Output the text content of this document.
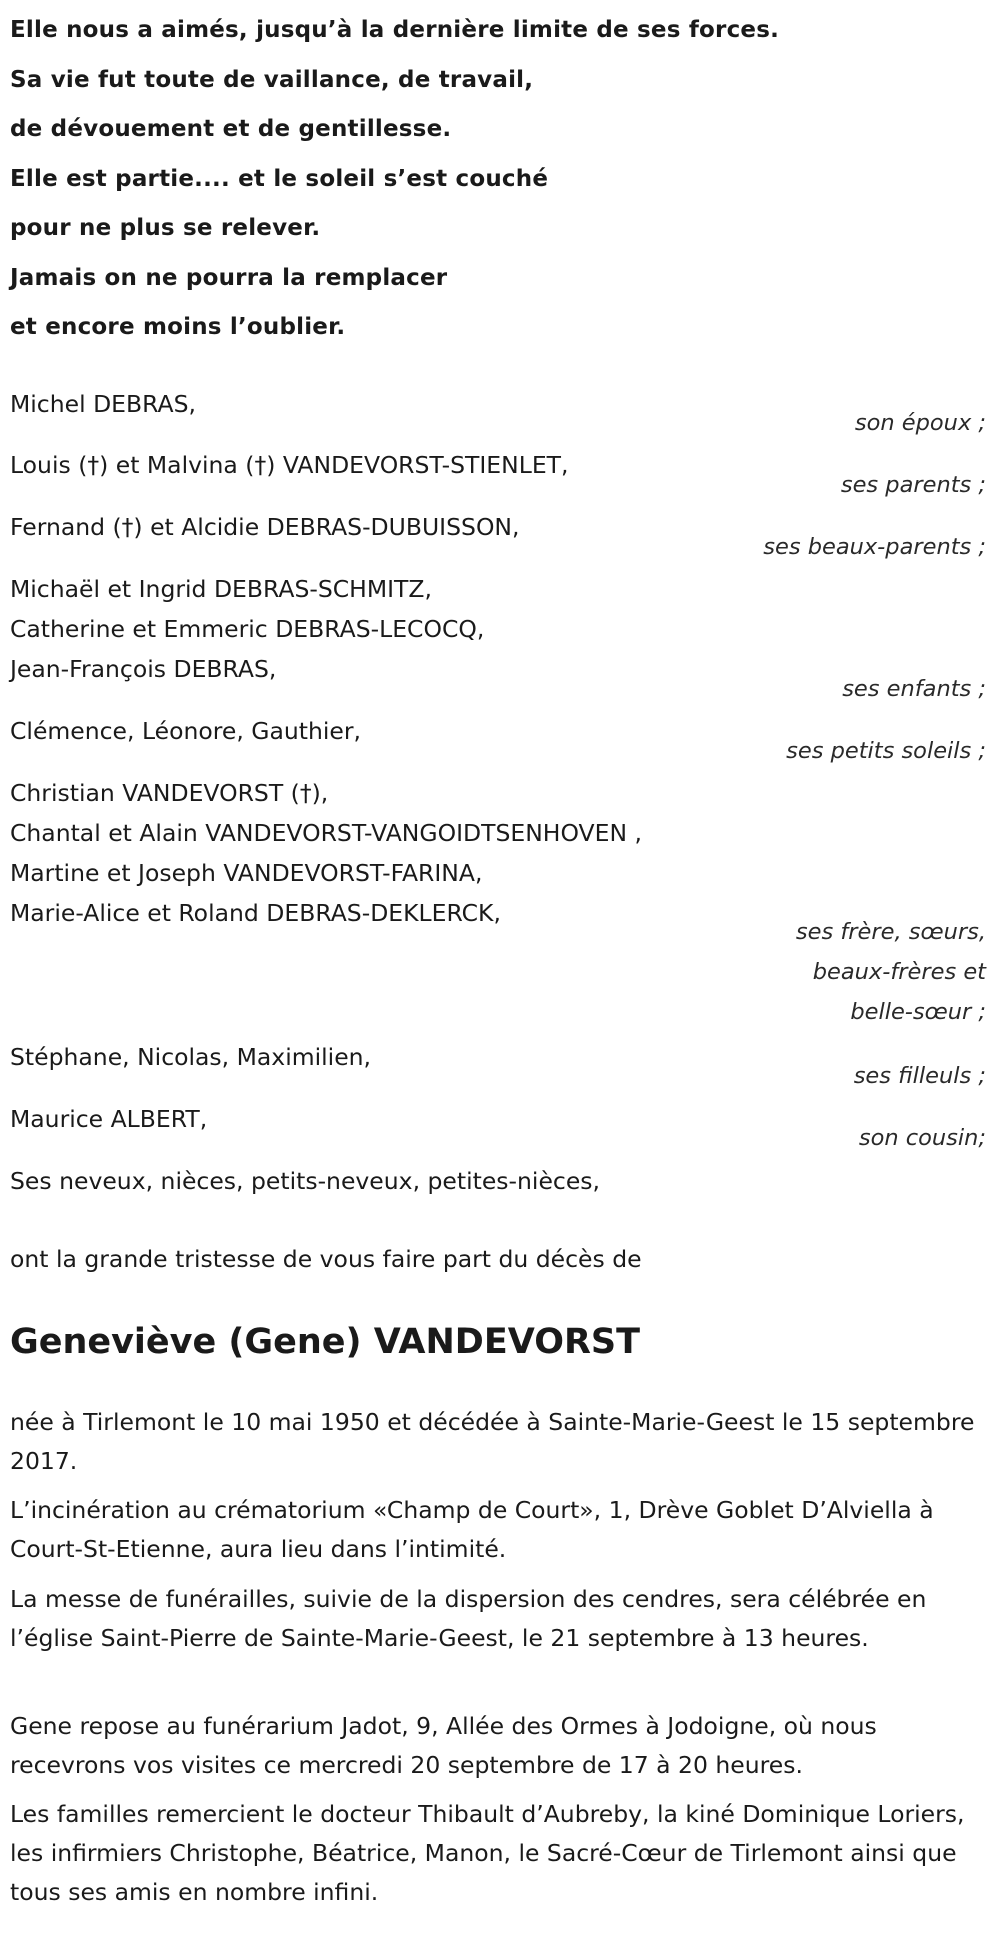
Elle nous a aimés, jusqu’à la dernière limite de ses forces.
Sa vie fut toute de vaillance, de travail,
de dévouement et de gentillesse.
Elle est partie.... et le soleil s’est couché
pour ne plus se relever.
Jamais on ne pourra la remplacer
et encore moins l’oublier.
Michel DEBRAS,
Louis (†) et Malvina (†) VANDEVORST-STIENLET,
Fernand (†) et Alcidie DEBRAS-DUBUISSON,
Michaël et Ingrid DEBRAS-SCHMITZ,
Catherine et Emmeric DEBRAS-LECOCQ,
Jean-François DEBRAS,
Clémence, Léonore, Gauthier,
Christian VANDEVORST (†),
Chantal et Alain VANDEVORST-VANGOIDTSENHOVEN ,
Martine et Joseph VANDEVORST-FARINA,
Marie-Alice et Roland DEBRAS-DEKLERCK,
Stéphane, Nicolas, Maximilien,
Maurice ALBERT,
Ses neveux, nièces, petits-neveux, petites-nièces,
son époux ;
ses parents ;
ses beaux-parents ;
ses enfants ;
ses petits soleils ;
ses frère, sœurs,
beaux-frères et
belle-sœur ;
ses filleuls ;
son cousin;
ont la grande tristesse de vous faire part du décès de
Geneviève (Gene) VANDEVORST
née à Tirlemont le 10 mai 1950 et décédée à Sainte-Marie-Geest le 15 septembre 2017.
L’incinération au crématorium «Champ de Court», 1, Drève Goblet D’Alviella à Court-St-Etienne, aura lieu dans l’intimité.
La messe de funérailles, suivie de la dispersion des cendres, sera célébrée en l’église Saint-Pierre de Sainte-Marie-Geest, le 21 septembre à 13 heures.
Gene repose au funérarium Jadot, 9, Allée des Ormes à Jodoigne, où nous recevrons vos visites ce mercredi 20 septembre de 17 à 20 heures.
Les familles remercient le docteur Thibault d’Aubreby, la kiné Dominique Loriers, les infirmiers Christophe, Béatrice, Manon, le Sacré-Cœur de Tirlemont ainsi que tous ses amis en nombre infini.
